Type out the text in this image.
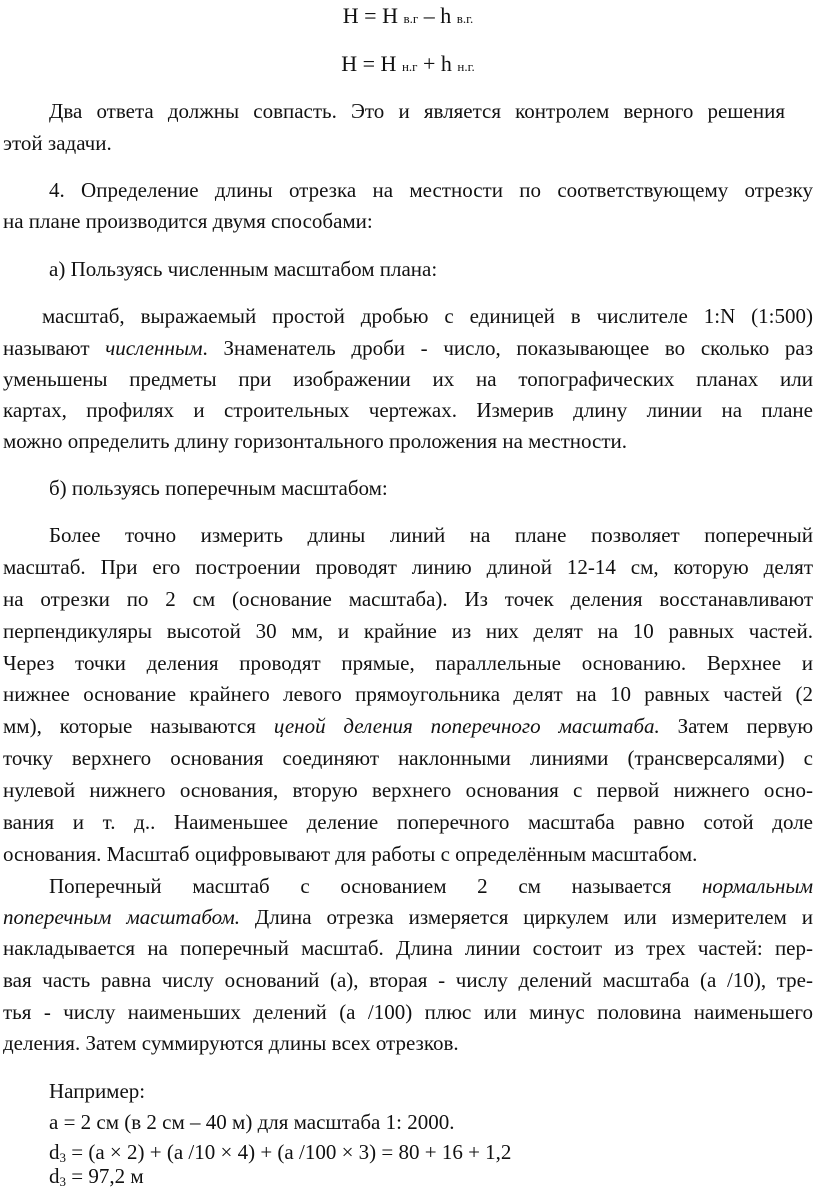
H = H в.г – h в.г.
H = H н.г + h н.г.
Два ответа должны совпасть. Это и является контролем верного решения
этой задачи.
4. Определение длины отрезка на местности по соответствующему отрезку
на плане производится двумя способами:
а) Пользуясь численным масштабом плана:
масштаб, выражаемый простой дробью с единицей в числителе 1:N (1:500)
называют численным. Знаменатель дроби - число, показывающее во сколько раз
уменьшены предметы при изображении их на топографических планах или
картах, профилях и строительных чертежах. Измерив длину линии на плане
можно определить длину горизонтального проложения на местности.
б) пользуясь поперечным масштабом:
Более точно измерить длины линий на плане позволяет поперечный
масштаб. При его построении проводят линию длиной 12-14 см, которую делят
на отрезки по 2 см (основание масштаба). Из точек деления восстанавливают
перпендикуляры высотой 30 мм, и крайние из них делят на 10 равных частей.
Через точки деления проводят прямые, параллельные основанию. Верхнее и
нижнее основание крайнего левого прямоугольника делят на 10 равных частей (2
мм), которые называются ценой деления поперечного масштаба. Затем первую
точку верхнего основания соединяют наклонными линиями (трансверсалями) с
нулевой нижнего основания, вторую верхнего основания с первой нижнего осно-
вания и т. д.. Наименьшее деление поперечного масштаба равно сотой доле
основания. Масштаб оцифровывают для работы с определённым масштабом.
Поперечный масштаб с основанием 2 см называется нормальным
поперечным масштабом. Длина отрезка измеряется циркулем или измерителем и
накладывается на поперечный масштаб. Длина линии состоит из трех частей: пер-
вая часть равна числу оснований (а), вторая - числу делений масштаба (а /10), тре-
тья - числу наименьших делений (а /100) плюс или минус половина наименьшего
деления. Затем суммируются длины всех отрезков.
Например:
а = 2 см (в 2 см – 40 м) для масштаба 1: 2000.
$d_3 = (а \times 2) + (а$ /10 × 4) + (а /100 × 3) = 80 + 16 + 1,2
$d_3 = 97,2$ м
